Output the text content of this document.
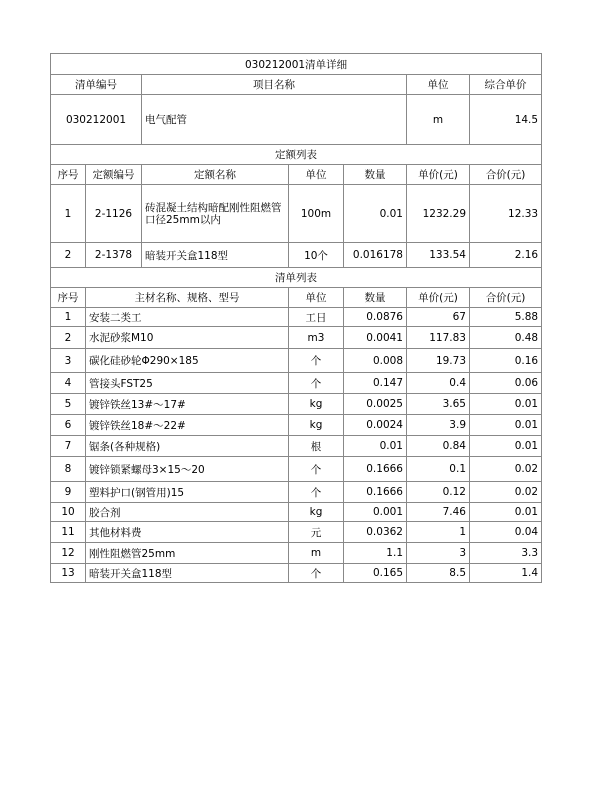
030212001清单详细						
清单编号		项目名称			单位	综合单价
030212001		电气配管			m	14.5
定额列表						
序号	定额编号	定额名称	单位	数量	单价(元)	合价(元)
1	2-1126	砖混凝土结构暗配刚性阻燃管口径25mm以内	100m	0.01	1232.29	12.33
2	2-1378	暗装开关盒118型	10个	0.016178	133.54	2.16
清单列表						
序号	主材名称、规格、型号		单位	数量	单价(元)	合价(元)
1	安装二类工		工日	0.0876	67	5.88
2	水泥砂浆M10		m3	0.0041	117.83	0.48
3	碳化硅砂轮Φ290×185		个	0.008	19.73	0.16
4	管接头FST25		个	0.147	0.4	0.06
5	镀锌铁丝13#～17#		kg	0.0025	3.65	0.01
6	镀锌铁丝18#～22#		kg	0.0024	3.9	0.01
7	锯条(各种规格)		根	0.01	0.84	0.01
8	镀锌锁紧螺母3×15～20		个	0.1666	0.1	0.02
9	塑料护口(钢管用)15		个	0.1666	0.12	0.02
10	胶合剂		kg	0.001	7.46	0.01
11	其他材料费		元	0.0362	1	0.04
12	刚性阻燃管25mm		m	1.1	3	3.3
13	暗装开关盒118型		个	0.165	8.5	1.4
